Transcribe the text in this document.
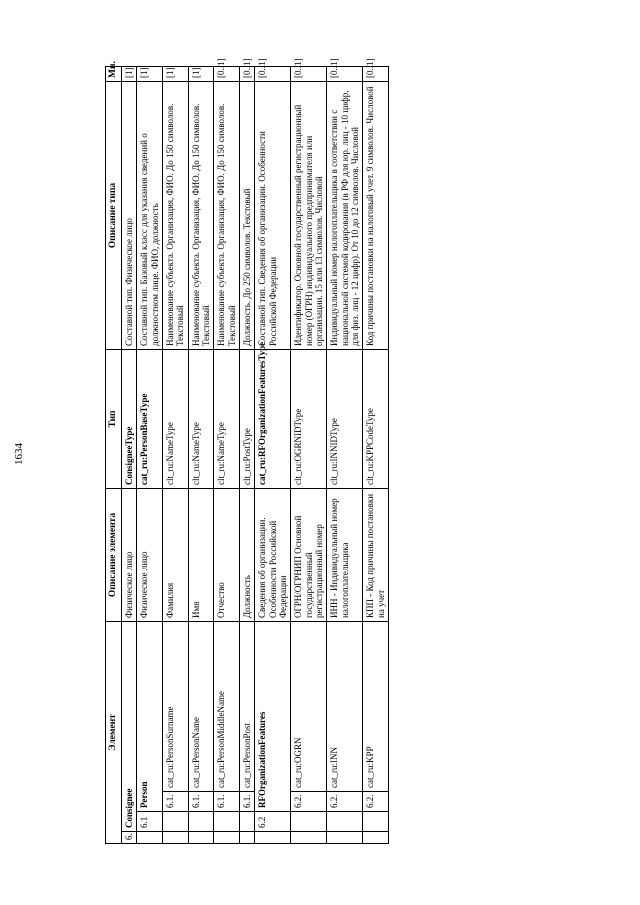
1634
Элемент				Описание элемента	Тип	Описание типа	Мн.
6.	Consignee			Физическое лицо	ConsigneeType	Составной тип. Физическое лицо	[1]
	6.1	Person		Физическое лицо	cat_ru:PersonBaseType	Составной тип. Базовый класс для указания сведений о должностном лице. ФИО, должность	[1]
		6.1.	cat_ru:PersonSurname	Фамилия	clt_ru:NameType	Наименование субъекта. Организация, ФИО. До 150 символов. Текстовый	[1]
		6.1.	cat_ru:PersonName	Имя	clt_ru:NameType	Наименование субъекта. Организация, ФИО. До 150 символов. Текстовый	[1]
		6.1.	cat_ru:PersonMiddleName	Отчество	clt_ru:NameType	Наименование субъекта. Организация, ФИО. До 150 символов. Текстовый	[0..1]
		6.1.	cat_ru:PersonPost	Должность	clt_ru:PostType	Должность. До 250 символов. Текстовый	[0..1]
	6.2	RFOrganizationFeatures		Сведения об организации. Особенности Российской Федерации	cat_ru:RFOrganizationFeaturesType	Составной тип. Сведения об организации. Особенности Российской Федерации	[0..1]
		6.2.	cat_ru:OGRN	ОГРН/ОГРНИП Основной государственный регистрационный номер	clt_ru:OGRNIDType	Идентификатор. Основной государственный регистрационный номер (ОГРН) индивидуального предпринимателя или организации. 15 или 13 символов. Числовой	[0..1]
		6.2.	cat_ru:INN	ИНН - Индивидуальный номер налогоплательщика	clt_ru:INNIDType	Индивидуальный номер налогоплательщика в соответствии с национальной системой кодирования (в РФ для юр. лиц - 10 цифр, для физ. лиц - 12 цифр). От 10 до 12 символов. Числовой	[0..1]
		6.2.	cat_ru:KPP	КПП - Код причины постановки на учет	clt_ru:KPPCodeType	Код причины постановки на налоговый учет. 9 символов. Числовой	[0..1]
